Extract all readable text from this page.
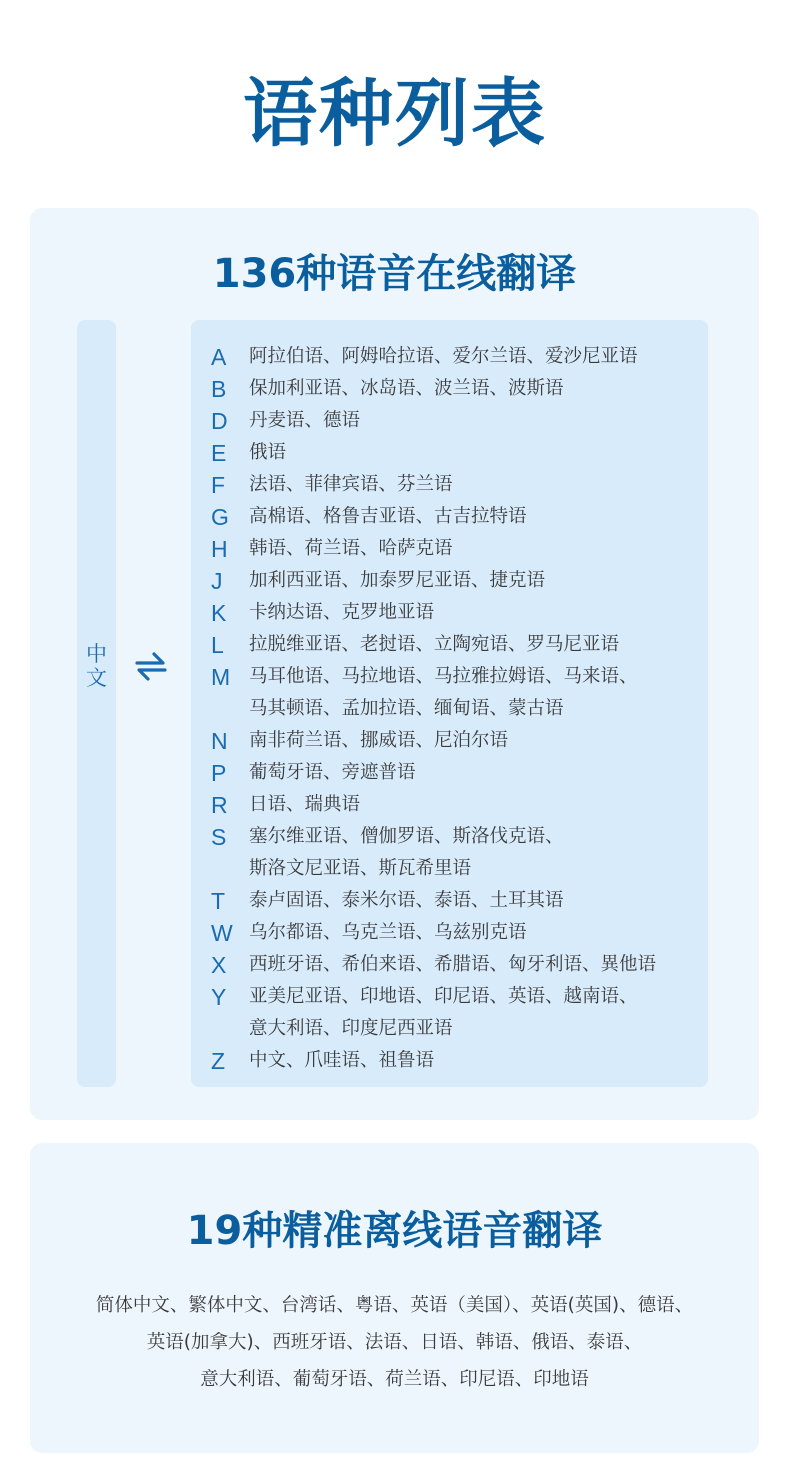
语种列表
136种语音在线翻译
中
文
A	阿拉伯语、阿姆哈拉语、爱尔兰语、爱沙尼亚语
B	保加利亚语、冰岛语、波兰语、波斯语
D	丹麦语、德语
E	俄语
F	法语、菲律宾语、芬兰语
G	高棉语、格鲁吉亚语、古吉拉特语
H	韩语、荷兰语、哈萨克语
J	加利西亚语、加泰罗尼亚语、捷克语
K	卡纳达语、克罗地亚语
L	拉脱维亚语、老挝语、立陶宛语、罗马尼亚语
M	马耳他语、马拉地语、马拉雅拉姆语、马来语、
马其顿语、孟加拉语、缅甸语、蒙古语
N	南非荷兰语、挪威语、尼泊尔语
P	葡萄牙语、旁遮普语
R	日语、瑞典语
S	塞尔维亚语、僧伽罗语、斯洛伐克语、
斯洛文尼亚语、斯瓦希里语
T	泰卢固语、泰米尔语、泰语、土耳其语
W 乌尔都语、乌克兰语、乌兹别克语
X	西班牙语、希伯来语、希腊语、匈牙利语、異他语
Y	亚美尼亚语、印地语、印尼语、英语、越南语、
意大利语、印度尼西亚语
Z	中文、爪哇语、祖鲁语
19种精准离线语音翻译
简体中文、繁体中文、台湾话、粤语、英语（美国）、英语(英国)、德语、
英语(加拿大)、西班牙语、法语、日语、韩语、俄语、泰语、
意大利语、葡萄牙语、荷兰语、印尼语、印地语
